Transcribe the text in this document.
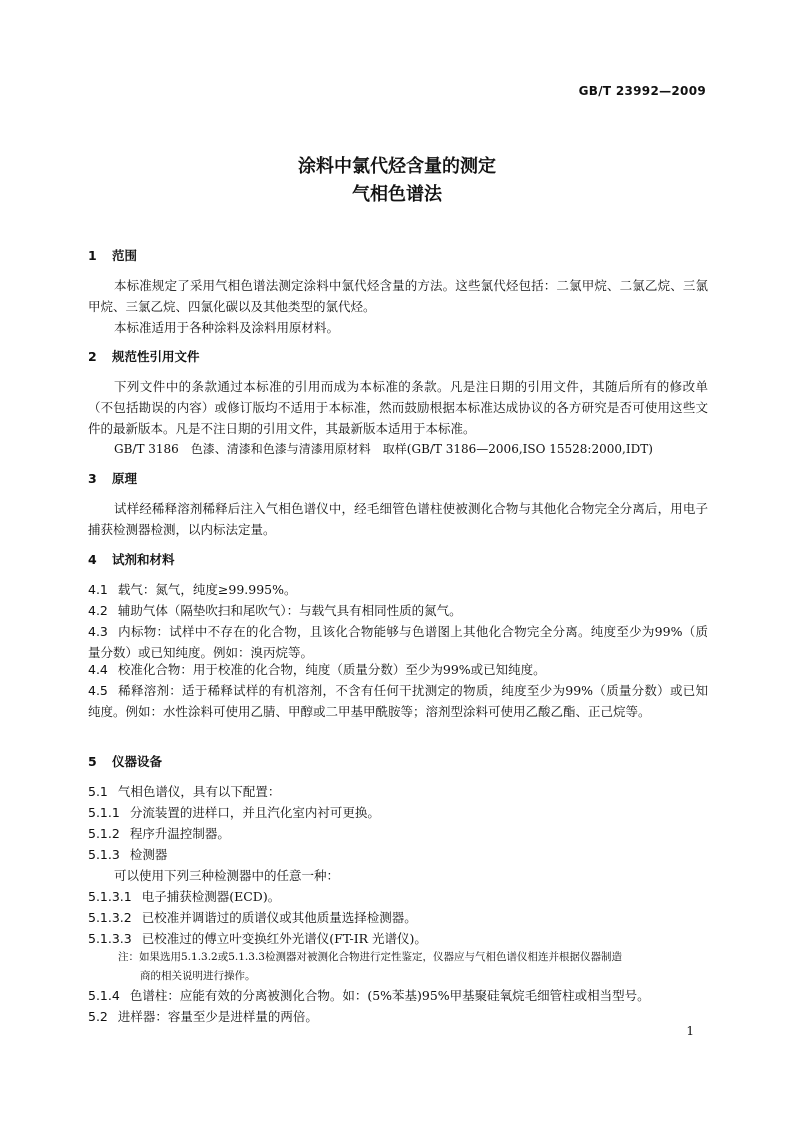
GB/T 23992—2009
涂料中氯代烃含量的测定
气相色谱法
1 范围

本标准规定了采用气相色谱法测定涂料中氯代烃含量的方法。这些氯代烃包括：二氯甲烷、二氯乙烷、三氯甲烷、三氯乙烷、四氯化碳以及其他类型的氯代烃。

本标准适用于各种涂料及涂料用原材料。

2 规范性引用文件

下列文件中的条款通过本标准的引用而成为本标准的条款。凡是注日期的引用文件，其随后所有的修改单（不包括勘误的内容）或修订版均不适用于本标准，然而鼓励根据本标准达成协议的各方研究是否可使用这些文件的最新版本。凡是不注日期的引用文件，其最新版本适用于本标准。

GB/T 3186　色漆、清漆和色漆与清漆用原材料　取样(GB/T 3186—2006,ISO 15528:2000,IDT)

3 原理

试样经稀释溶剂稀释后注入气相色谱仪中，经毛细管色谱柱使被测化合物与其他化合物完全分离后，用电子捕获检测器检测，以内标法定量。

4 试剂和材料

4.1 载气：氮气，纯度≥99.995%。

4.2 辅助气体（隔垫吹扫和尾吹气）：与载气具有相同性质的氮气。

4.3 内标物：试样中不存在的化合物，且该化合物能够与色谱图上其他化合物完全分离。纯度至少为99%（质量分数）或已知纯度。例如：溴丙烷等。

4.4 校准化合物：用于校准的化合物，纯度（质量分数）至少为99%或已知纯度。

4.5 稀释溶剂：适于稀释试样的有机溶剂，不含有任何干扰测定的物质，纯度至少为99%（质量分数）或已知纯度。例如：水性涂料可使用乙腈、甲醇或二甲基甲酰胺等；溶剂型涂料可使用乙酸乙酯、正己烷等。

5 仪器设备

5.1 气相色谱仪，具有以下配置：

5.1.1 分流装置的进样口，并且汽化室内衬可更换。

5.1.2 程序升温控制器。

5.1.3 检测器

可以使用下列三种检测器中的任意一种：

5.1.3.1 电子捕获检测器(ECD)。

5.1.3.2 已校准并调谐过的质谱仪或其他质量选择检测器。

5.1.3.3 已校准过的傅立叶变换红外光谱仪(FT-IR 光谱仪)。

注：如果选用5.1.3.2或5.1.3.3检测器对被测化合物进行定性鉴定，仪器应与气相色谱仪相连并根据仪器制造
商的相关说明进行操作。

5.1.4 色谱柱：应能有效的分离被测化合物。如：(5%苯基)95%甲基聚硅氧烷毛细管柱或相当型号。

5.2 进样器：容量至少是进样量的两倍。

1
